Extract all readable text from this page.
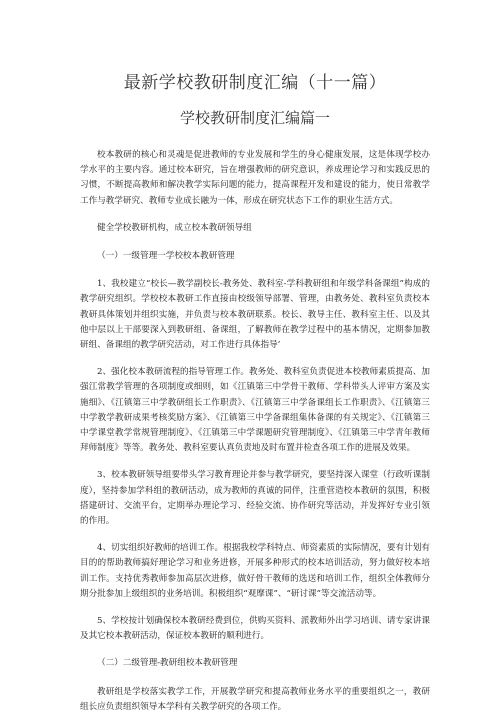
最新学校教研制度汇编（十一篇）
学校教研制度汇编篇一

校本教研的核心和灵魂是促进教师的专业发展和学生的身心健康发展，这是体现学校办学水平的主要内容。通过校本研究，旨在增强教师的研究意识，养成理论学习和实践反思的习惯，不断提高教师和解决教学实际问题的能力，提高课程开发和建设的能力，使日常教学工作与教学研究、教师专业成长融为一体，形成在研究状态下工作的职业生活方式。

健全学校教研机构，成立校本教研领导组

（一）一级管理一学校校本教研管理

1、我校建立“校长—教学副校长-教务处、教科室-学科教研组和年级学科备课组”构成的教学研究组织。学校校本教研工作直接由校级领导部署、管理，由教务处、教科室负责校本教研具体策划并组织实施，并负责与校本教研联系。校长、教导主任、教科室主任、以及其他中层以上干部要深入到教研组、备课组，了解教师在教学过程中的基本情况，定期参加教研组、备课组的教学研究活动，对工作进行具体指导’

2、强化校本教研流程的指导管理工作。教务处、教科室负责促进本校教师素质提高、加强江常教学管理的各项制度或细则，如《江镇第三中学骨干教师、学科带头人评审方案及实施细》、《江镇第三中学教研组长工作职责》、《江镇第三中学备课组长工作职责》、《江镇第三中学教学教研成果考核奖励方案》、《江镇第三中学备课组集体备课的有关规定》、《江镇第三中学课堂教学常规管理制度》、《江镇第三中学课题研究管理制度》、《江镇第三中学青年教师拜师制度》等等。教务处、教科室要认真负责地及时布置并检查各项工作的进展及效果。

3、校本教研领导组要带头学习教育理论并参与教学研究，要坚持深入课堂（行政听课制度），坚持参加学科组的教研活动，成为教师的真诚的同伴，注重营造校本教研的氛围，积极搭建研讨、交流平台，定期举办理论学习、经验交流、协作研究等活动，并发挥好专业引领的作用。

4、切实组织好教师的培训工作。根据我校学科特点、师资素质的实际情况，要有计划有目的的帮助教师搞好理论学习和业务进修，开展多种形式的校本培训活动，努力做好校本培训工作。支持优秀教师参加高层次进修，做好骨干教师的选送和培训工作，组织全体教师分期分批参加上级组织的业务培训。积极组织“观摩课”、“研讨课”等交流活动等。

5、学校按计划确保校本教研经费到位，供购买资料、派教师外出学习培训、请专家讲课及其它校本教研活动，保证校本教研的顺利进行。

（二）二级管理-教研组校本教研管理

教研组是学校落实教学工作，开展教学研究和提高教师业务水平的重要组织之一，教研组长应负责组织领导本学科有关教学研究的各项工作。
